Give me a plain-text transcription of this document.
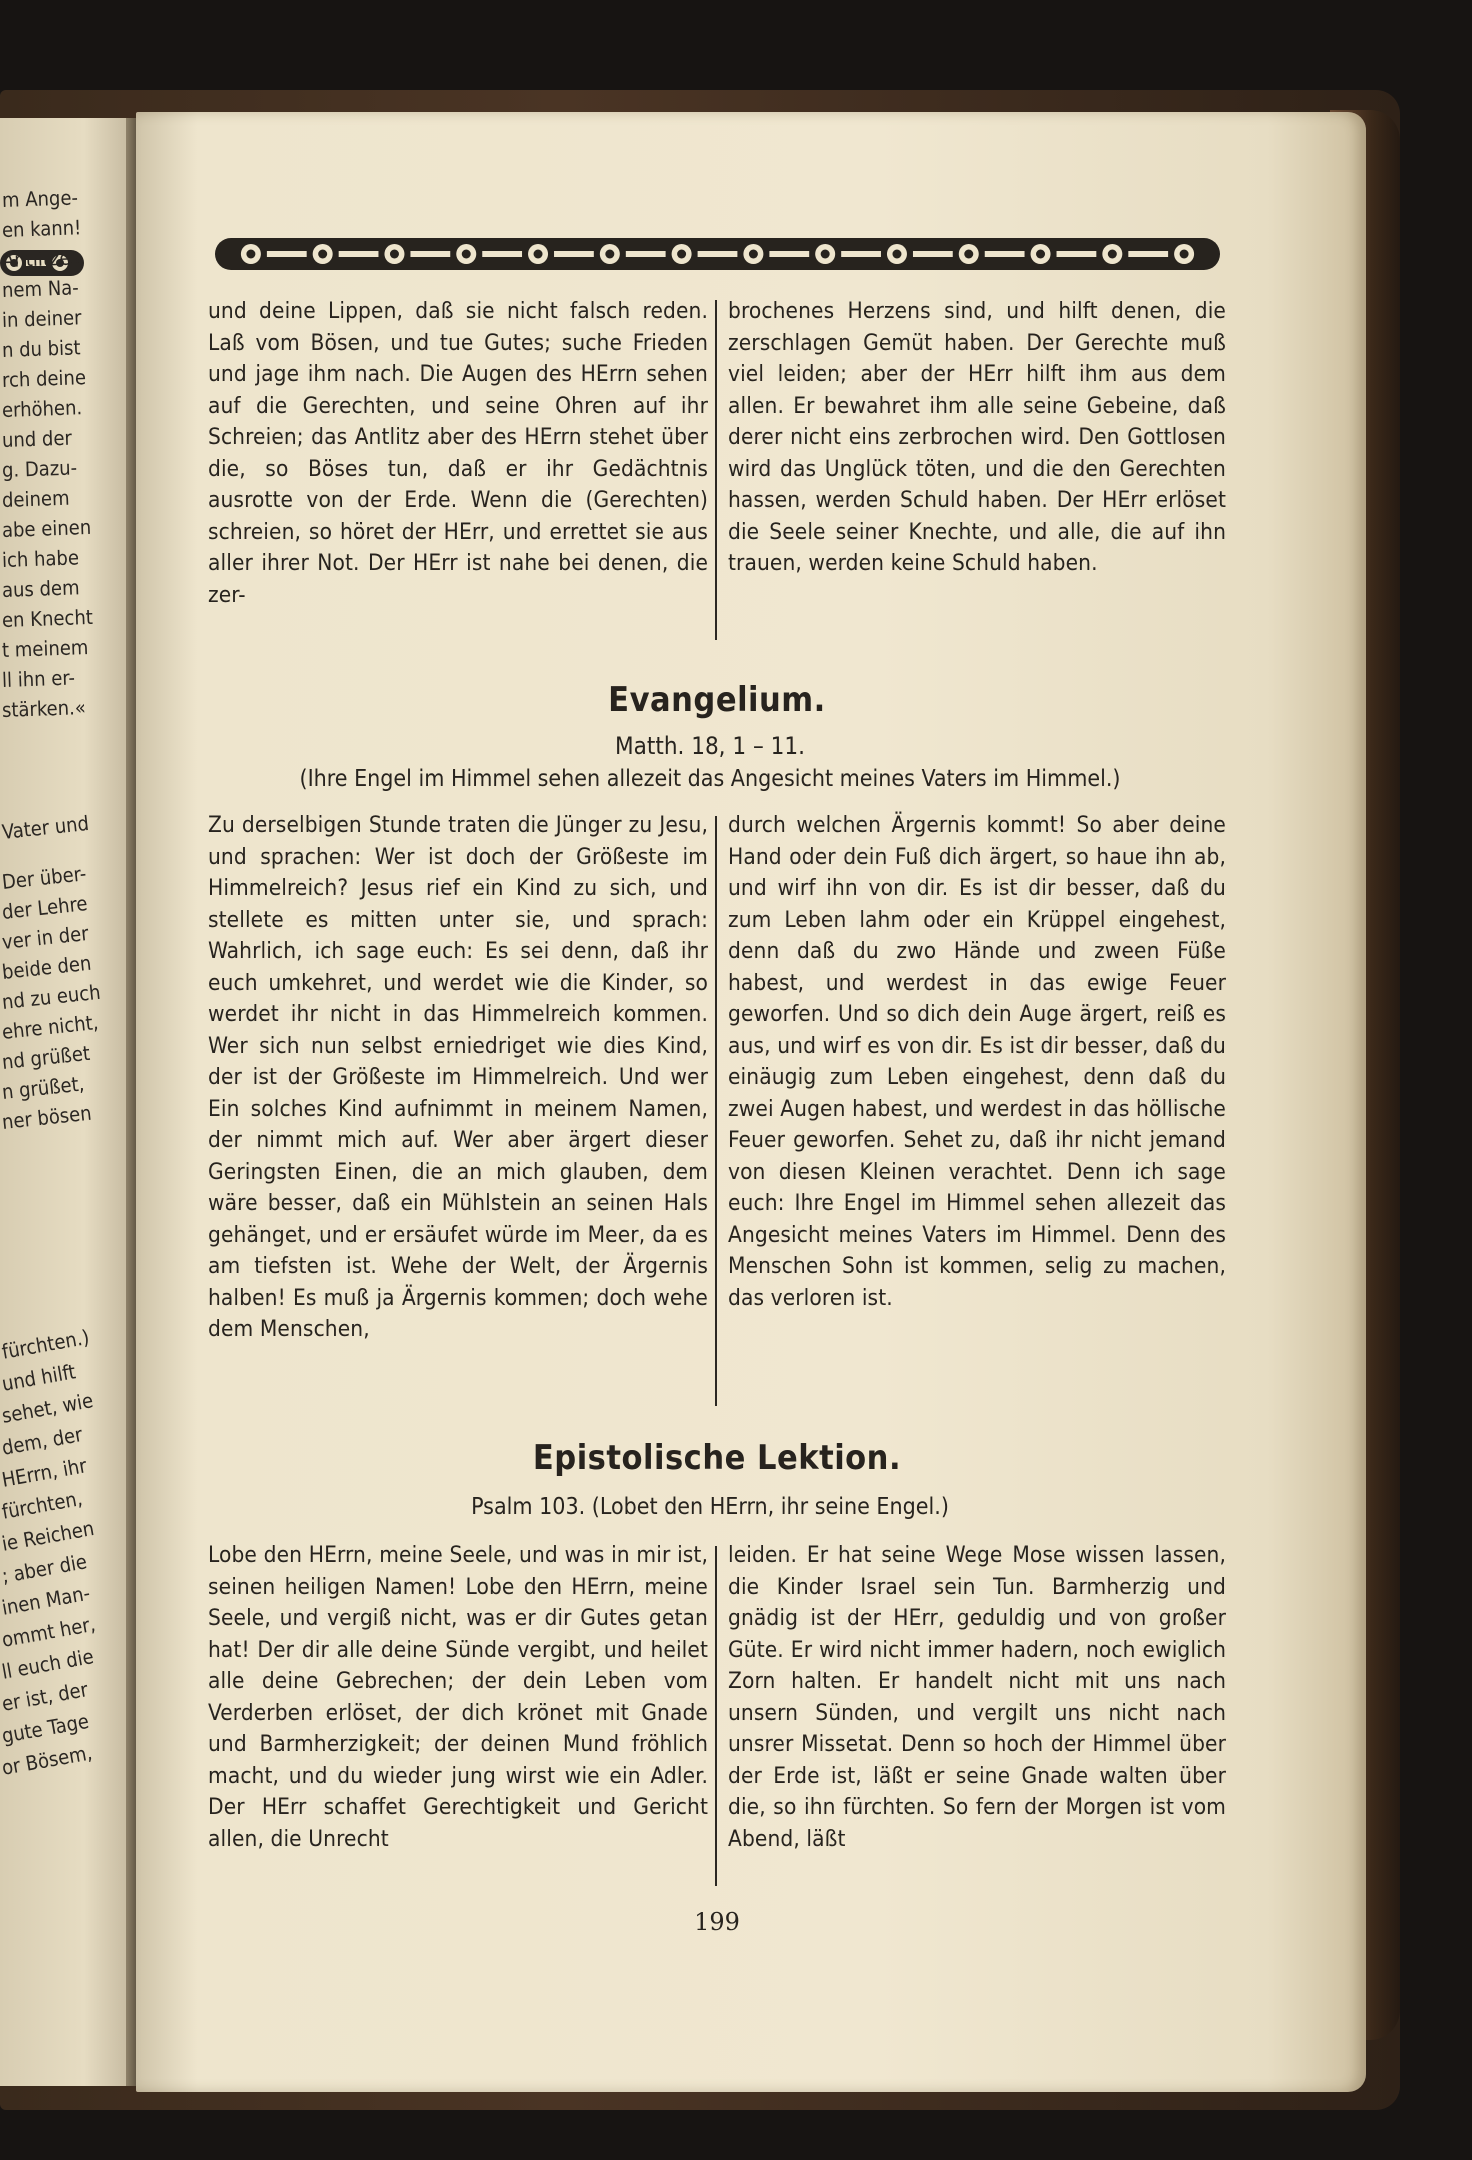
m Ange-
en kann!
Antlitzes
nem Na-
in deiner
n du bist
rch deine
erhöhen.
und der
g. Dazu-
deinem
abe einen
ich habe
aus dem
en Knecht
t meinem
ll ihn er-
stärken.«
Vater und
Der über-
der Lehre
ver in der
beide den
nd zu euch
ehre nicht,
nd grüßet
n grüßet,
ner bösen
fürchten.)
und hilft
sehet, wie
dem, der
HErrn, ihr
fürchten,
ie Reichen
; aber die
inen Man-
ommt her,
ll euch die
er ist, der
gute Tage
or Bösem,
und deine Lippen, daß sie nicht falsch reden. Laß vom Bösen, und tue Gutes; suche Frieden und jage ihm nach. Die Augen des HErrn sehen auf die Gerechten, und seine Ohren auf ihr Schreien; das Antlitz aber des HErrn stehet über die, so Böses tun, daß er ihr Gedächtnis ausrotte von der Erde. Wenn die (Gerechten) schreien, so höret der HErr, und errettet sie aus aller ihrer Not. Der HErr ist nahe bei denen, die zer-
brochenes Herzens sind, und hilft denen, die zerschlagen Gemüt haben. Der Gerechte muß viel leiden; aber der HErr hilft ihm aus dem allen. Er bewahret ihm alle seine Gebeine, daß derer nicht eins zerbrochen wird. Den Gottlosen wird das Unglück töten, und die den Gerechten hassen, werden Schuld haben. Der HErr erlöset die Seele seiner Knechte, und alle, die auf ihn trauen, werden keine Schuld haben.
Evangelium.
Matth. 18, 1 – 11.
(Ihre Engel im Himmel sehen allezeit das Angesicht meines Vaters im Himmel.)
Zu derselbigen Stunde traten die Jünger zu Jesu, und sprachen: Wer ist doch der Größeste im Himmelreich? Jesus rief ein Kind zu sich, und stellete es mitten unter sie, und sprach: Wahrlich, ich sage euch: Es sei denn, daß ihr euch umkehret, und werdet wie die Kinder, so werdet ihr nicht in das Himmelreich kommen. Wer sich nun selbst erniedriget wie dies Kind, der ist der Größeste im Himmelreich. Und wer Ein solches Kind aufnimmt in meinem Namen, der nimmt mich auf. Wer aber ärgert dieser Geringsten Einen, die an mich glauben, dem wäre besser, daß ein Mühlstein an seinen Hals gehänget, und er ersäufet würde im Meer, da es am tiefsten ist. Wehe der Welt, der Ärgernis halben! Es muß ja Ärgernis kommen; doch wehe dem Menschen,
durch welchen Ärgernis kommt! So aber deine Hand oder dein Fuß dich ärgert, so haue ihn ab, und wirf ihn von dir. Es ist dir besser, daß du zum Leben lahm oder ein Krüppel eingehest, denn daß du zwo Hände und zween Füße habest, und werdest in das ewige Feuer geworfen. Und so dich dein Auge ärgert, reiß es aus, und wirf es von dir. Es ist dir besser, daß du einäugig zum Leben eingehest, denn daß du zwei Augen habest, und werdest in das höllische Feuer geworfen. Sehet zu, daß ihr nicht jemand von diesen Kleinen verachtet. Denn ich sage euch: Ihre Engel im Himmel sehen allezeit das Angesicht meines Vaters im Himmel. Denn des Menschen Sohn ist kommen, selig zu machen, das verloren ist.
Epistolische Lektion.
Psalm 103. (Lobet den HErrn, ihr seine Engel.)
Lobe den HErrn, meine Seele, und was in mir ist, seinen heiligen Namen! Lobe den HErrn, meine Seele, und vergiß nicht, was er dir Gutes getan hat! Der dir alle deine Sünde vergibt, und heilet alle deine Gebrechen; der dein Leben vom Verderben erlöset, der dich krönet mit Gnade und Barmherzigkeit; der deinen Mund fröhlich macht, und du wieder jung wirst wie ein Adler. Der HErr schaffet Gerechtigkeit und Gericht allen, die Unrecht
leiden. Er hat seine Wege Mose wissen lassen, die Kinder Israel sein Tun. Barmherzig und gnädig ist der HErr, geduldig und von großer Güte. Er wird nicht immer hadern, noch ewiglich Zorn halten. Er handelt nicht mit uns nach unsern Sünden, und vergilt uns nicht nach unsrer Missetat. Denn so hoch der Himmel über der Erde ist, läßt er seine Gnade walten über die, so ihn fürchten. So fern der Morgen ist vom Abend, läßt
199
